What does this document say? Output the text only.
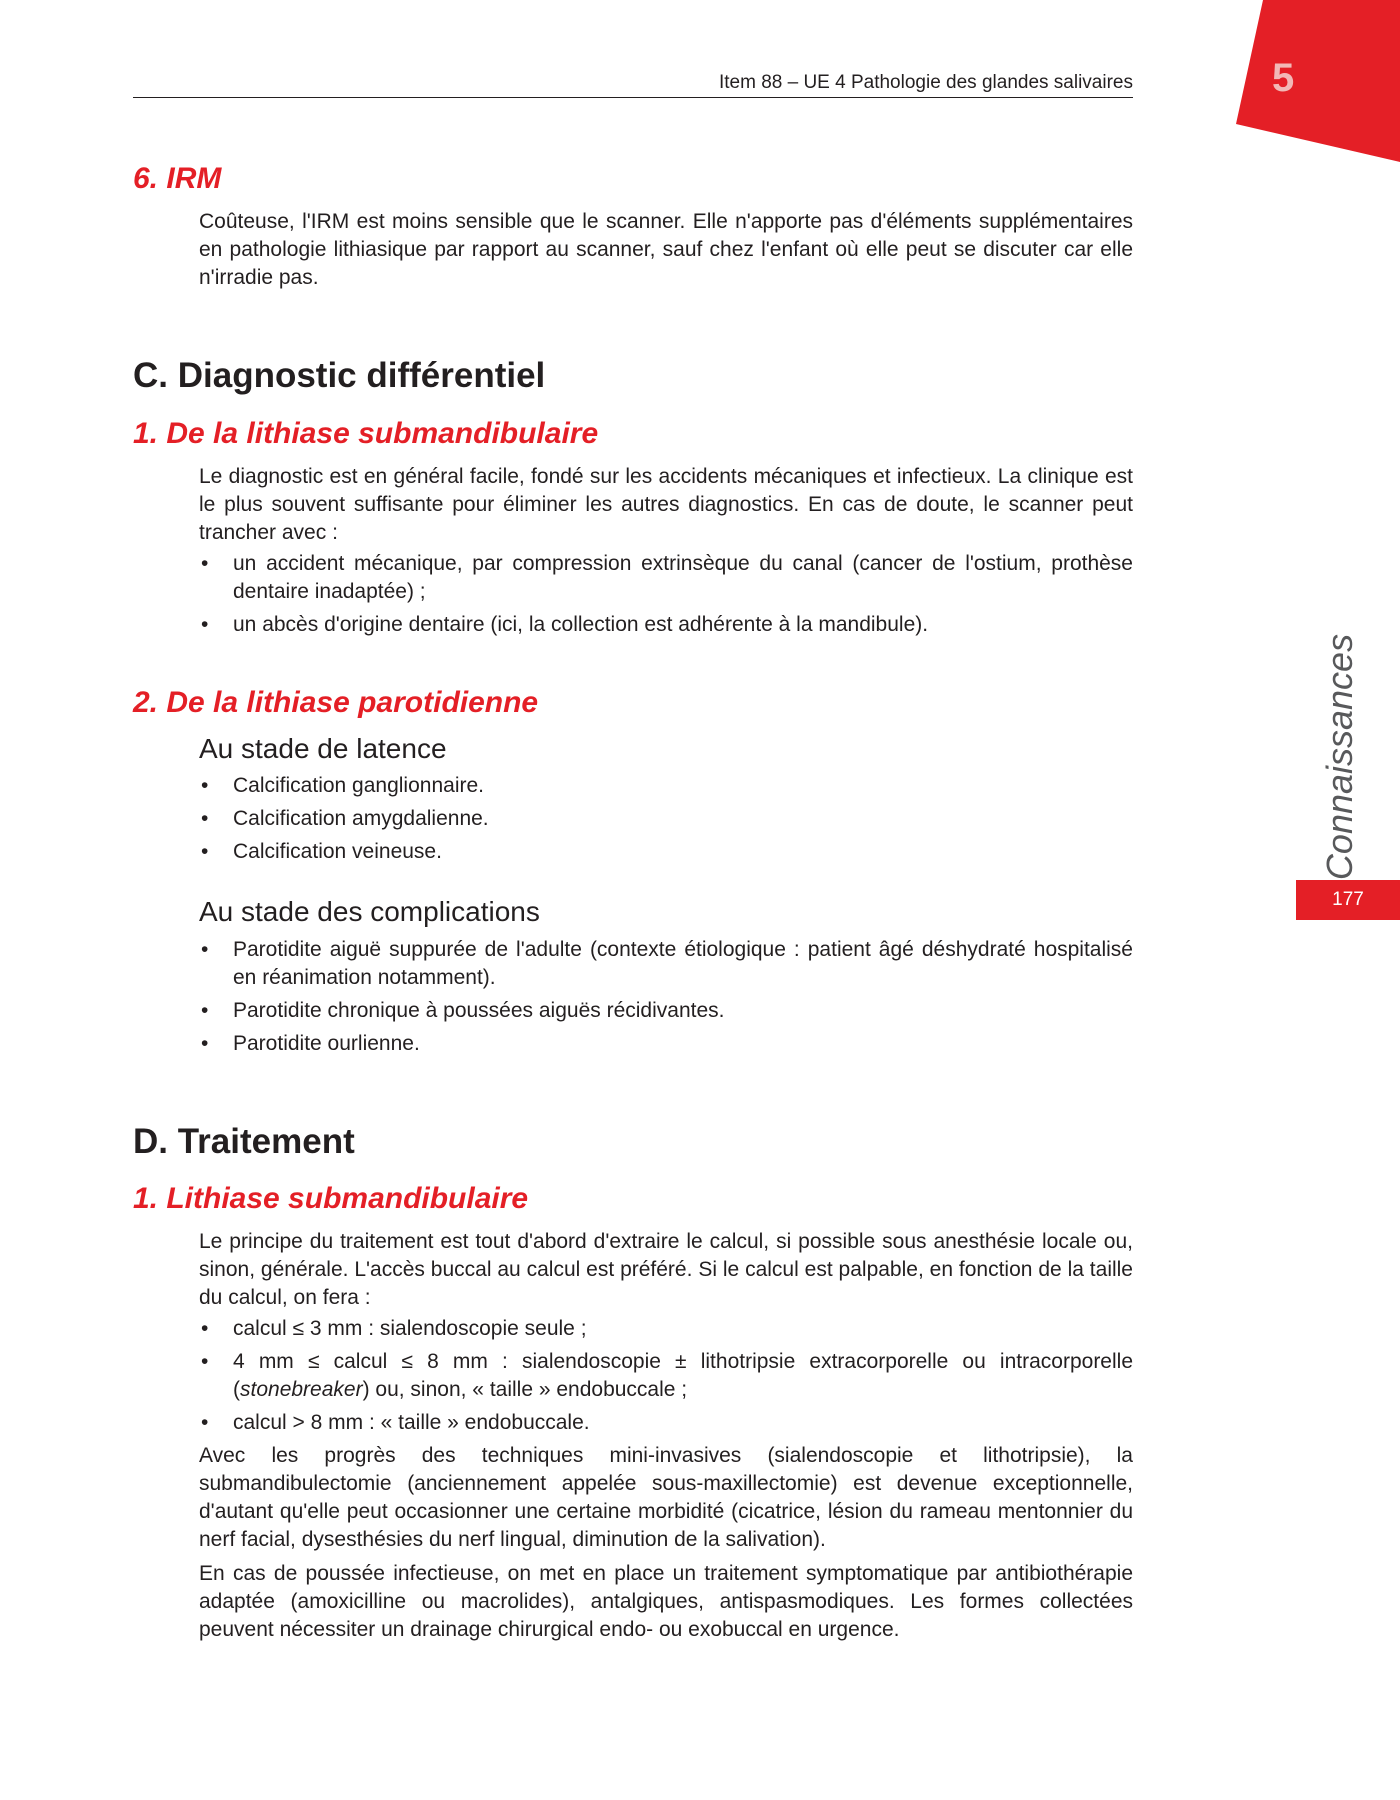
Item 88 – UE 4 Pathologie des glandes salivaires	5
Connaissances
177
6. IRM

Coûteuse, l'IRM est moins sensible que le scanner. Elle n'apporte pas d'éléments supplémentaires en pathologie lithiasique par rapport au scanner, sauf chez l'enfant où elle peut se discuter car elle n'irradie pas.

C. Diagnostic différentiel
1. De la lithiase submandibulaire

Le diagnostic est en général facile, fondé sur les accidents mécaniques et infectieux. La clinique est le plus souvent suffisante pour éliminer les autres diagnostics. En cas de doute, le scanner peut trancher avec :

• un accident mécanique, par compression extrinsèque du canal (cancer de l'ostium, prothèse dentaire inadaptée) ;
• un abcès d'origine dentaire (ici, la collection est adhérente à la mandibule).
2. De la lithiase parotidienne
Au stade de latence
• Calcification ganglionnaire.
• Calcification amygdalienne.
• Calcification veineuse.
Au stade des complications
• Parotidite aiguë suppurée de l'adulte (contexte étiologique : patient âgé déshydraté hospitalisé en réanimation notamment).
• Parotidite chronique à poussées aiguës récidivantes.
• Parotidite ourlienne.
D. Traitement
1. Lithiase submandibulaire

Le principe du traitement est tout d'abord d'extraire le calcul, si possible sous anesthésie locale ou, sinon, générale. L'accès buccal au calcul est préféré. Si le calcul est palpable, en fonction de la taille du calcul, on fera :

• calcul ≤ 3 mm : sialendoscopie seule ;
• 4 mm ≤ calcul ≤ 8 mm : sialendoscopie ± lithotripsie extracorporelle ou intracorporelle (stonebreaker) ou, sinon, « taille » endobuccale ;
• calcul > 8 mm : « taille » endobuccale.

Avec les progrès des techniques mini-invasives (sialendoscopie et lithotripsie), la submandibulectomie (anciennement appelée sous-maxillectomie) est devenue exceptionnelle, d'autant qu'elle peut occasionner une certaine morbidité (cicatrice, lésion du rameau mentonnier du nerf facial, dysesthésies du nerf lingual, diminution de la salivation).

En cas de poussée infectieuse, on met en place un traitement symptomatique par antibiothérapie adaptée (amoxicilline ou macrolides), antalgiques, antispasmodiques. Les formes collectées peuvent nécessiter un drainage chirurgical endo- ou exobuccal en urgence.
